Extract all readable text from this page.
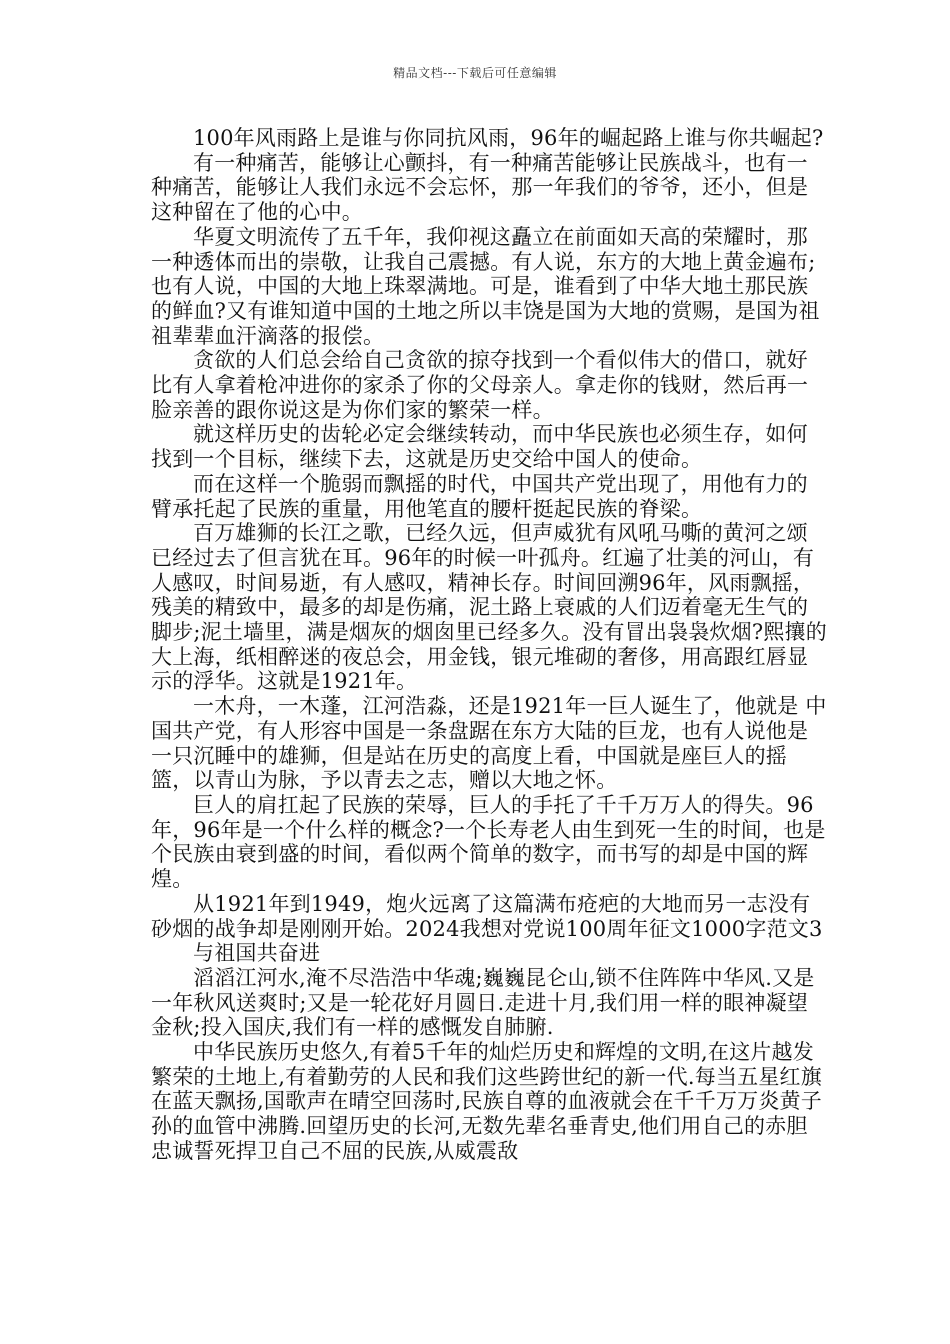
精品文档---下载后可任意编辑

100年风雨路上是谁与你同抗风雨，96年的崛起路上谁与你共崛起?

有一种痛苦，能够让心颤抖，有一种痛苦能够让民族战斗，也有一种痛苦，能够让人我们永远不会忘怀，那一年我们的爷爷，还小，但是这种留在了他的心中。

华夏文明流传了五千年，我仰视这矗立在前面如天高的荣耀时，那一种透体而出的崇敬，让我自己震撼。有人说，东方的大地上黄金遍布;也有人说，中国的大地上珠翠满地。可是，谁看到了中华大地土那民族的鲜血?又有谁知道中国的土地之所以丰饶是国为大地的赏赐，是国为祖祖辈辈血汗滴落的报偿。

贪欲的人们总会给自己贪欲的掠夺找到一个看似伟大的借口，就好比有人拿着枪冲进你的家杀了你的父母亲人。拿走你的钱财，然后再一脸亲善的跟你说这是为你们家的繁荣一样。

就这样历史的齿轮必定会继续转动，而中华民族也必须生存，如何找到一个目标，继续下去，这就是历史交给中国人的使命。

而在这样一个脆弱而飘摇的时代，中国共产党出现了，用他有力的臂承托起了民族的重量，用他笔直的腰杆挺起民族的脊梁。

百万雄狮的长江之歌，已经久远，但声威犹有风吼马嘶的黄河之颂已经过去了但言犹在耳。96年的时候一叶孤舟。红遍了壮美的河山，有人感叹，时间易逝，有人感叹，精神长存。时间回溯96年，风雨飘摇，残美的精致中，最多的却是伤痛，泥土路上衰戚的人们迈着毫无生气的脚步;泥土墙里，满是烟灰的烟囱里已经多久。没有冒出袅袅炊烟?熙攘的大上海，纸相醉迷的夜总会，用金钱，银元堆砌的奢侈，用高跟红唇显示的浮华。这就是1921年。

一木舟，一木蓬，江河浩淼，还是1921年一巨人诞生了，他就是 中国共产党，有人形容中国是一条盘踞在东方大陆的巨龙，也有人说他是一只沉睡中的雄狮，但是站在历史的高度上看，中国就是座巨人的摇篮，以青山为脉，予以青去之志，赠以大地之怀。

巨人的肩扛起了民族的荣辱，巨人的手托了千千万万人的得失。96年，96年是一个什么样的概念?一个长寿老人由生到死一生的时间，也是个民族由衰到盛的时间，看似两个简单的数字，而书写的却是中国的辉煌。

从1921年到1949，炮火远离了这篇满布疮疤的大地而另一志没有砂烟的战争却是刚刚开始。2024我想对党说100周年征文1000字范文3

与祖国共奋进

滔滔江河水,淹不尽浩浩中华魂;巍巍昆仑山,锁不住阵阵中华风.又是一年秋风送爽时;又是一轮花好月圆日.走进十月,我们用一样的眼神凝望金秋;投入国庆,我们有一样的感慨发自肺腑.

中华民族历史悠久,有着5千年的灿烂历史和辉煌的文明,在这片越发繁荣的土地上,有着勤劳的人民和我们这些跨世纪的新一代.每当五星红旗在蓝天飘扬,国歌声在晴空回荡时,民族自尊的血液就会在千千万万炎黄子孙的血管中沸腾.回望历史的长河,无数先辈名垂青史,他们用自己的赤胆忠诚誓死捍卫自己不屈的民族,从威震敌
